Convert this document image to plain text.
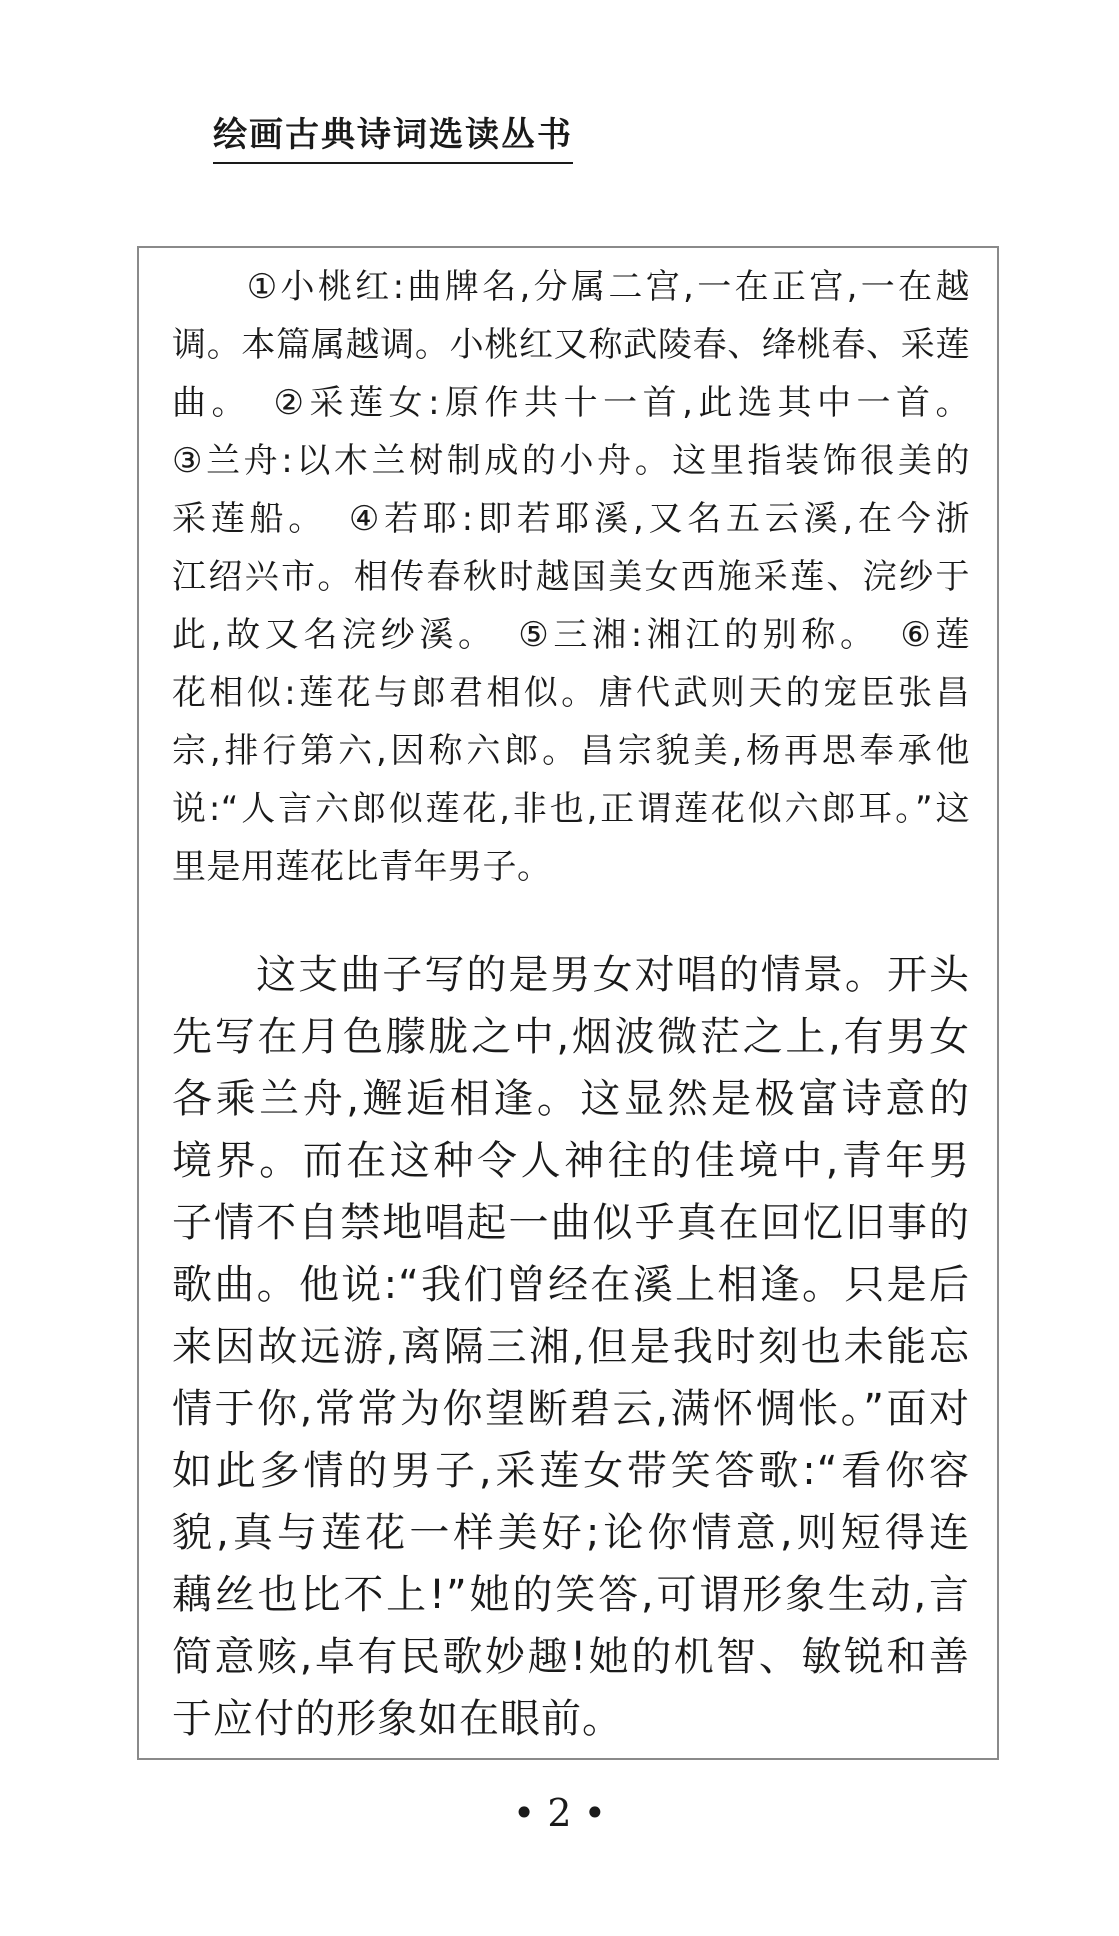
绘画古典诗词选读丛书
　　①小桃红:曲牌名,分属二宫,一在正宫,一在越
调。本篇属越调。小桃红又称武陵春、绛桃春、采莲
曲。　②采莲女:原作共十一首,此选其中一首。
③兰舟:以木兰树制成的小舟。这里指装饰很美的
采莲船。　④若耶:即若耶溪,又名五云溪,在今浙
江绍兴市。相传春秋时越国美女西施采莲、浣纱于
此,故又名浣纱溪。　⑤三湘:湘江的别称。　⑥莲
花相似:莲花与郎君相似。唐代武则天的宠臣张昌
宗,排行第六,因称六郎。昌宗貌美,杨再思奉承他
说:“人言六郎似莲花,非也,正谓莲花似六郎耳。”这
里是用莲花比青年男子。
　　这支曲子写的是男女对唱的情景。开头
先写在月色朦胧之中,烟波微茫之上,有男女
各乘兰舟,邂逅相逢。这显然是极富诗意的
境界。而在这种令人神往的佳境中,青年男
子情不自禁地唱起一曲似乎真在回忆旧事的
歌曲。他说:“我们曾经在溪上相逢。只是后
来因故远游,离隔三湘,但是我时刻也未能忘
情于你,常常为你望断碧云,满怀惆怅。”面对
如此多情的男子,采莲女带笑答歌:“看你容
貌,真与莲花一样美好;论你情意,则短得连
藕丝也比不上!”她的笑答,可谓形象生动,言
简意赅,卓有民歌妙趣!她的机智、敏锐和善
于应付的形象如在眼前。
• 2 •
